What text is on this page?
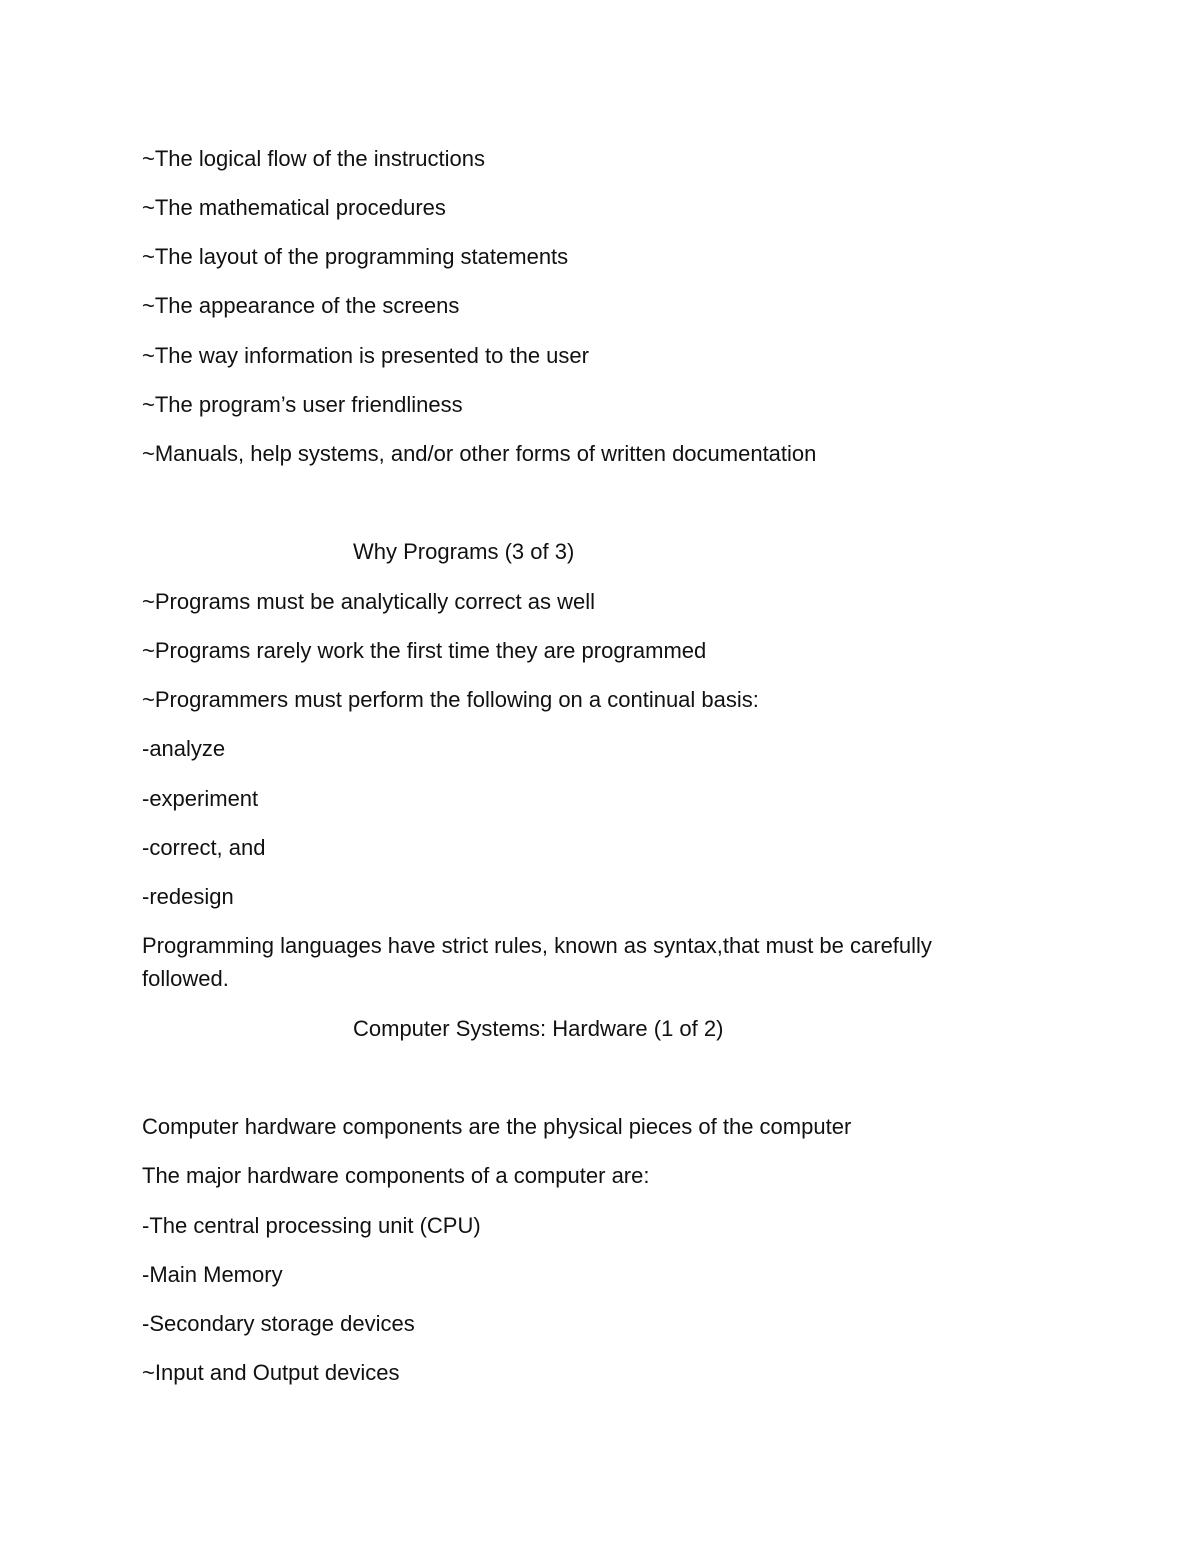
~The logical flow of the instructions
~The mathematical procedures
~The layout of the programming statements
~The appearance of the screens
~The way information is presented to the user
~The program’s user friendliness
~Manuals, help systems, and/or other forms of written documentation
Why Programs (3 of 3)
~Programs must be analytically correct as well
~Programs rarely work the first time they are programmed
~Programmers must perform the following on a continual basis:
-analyze
-experiment
-correct, and
-redesign
Programming languages have strict rules, known as syntax,that must be carefully followed.
Computer Systems: Hardware (1 of 2)
Computer hardware components are the physical pieces of the computer
The major hardware components of a computer are:
-The central processing unit (CPU)
-Main Memory
-Secondary storage devices
~Input and Output devices
